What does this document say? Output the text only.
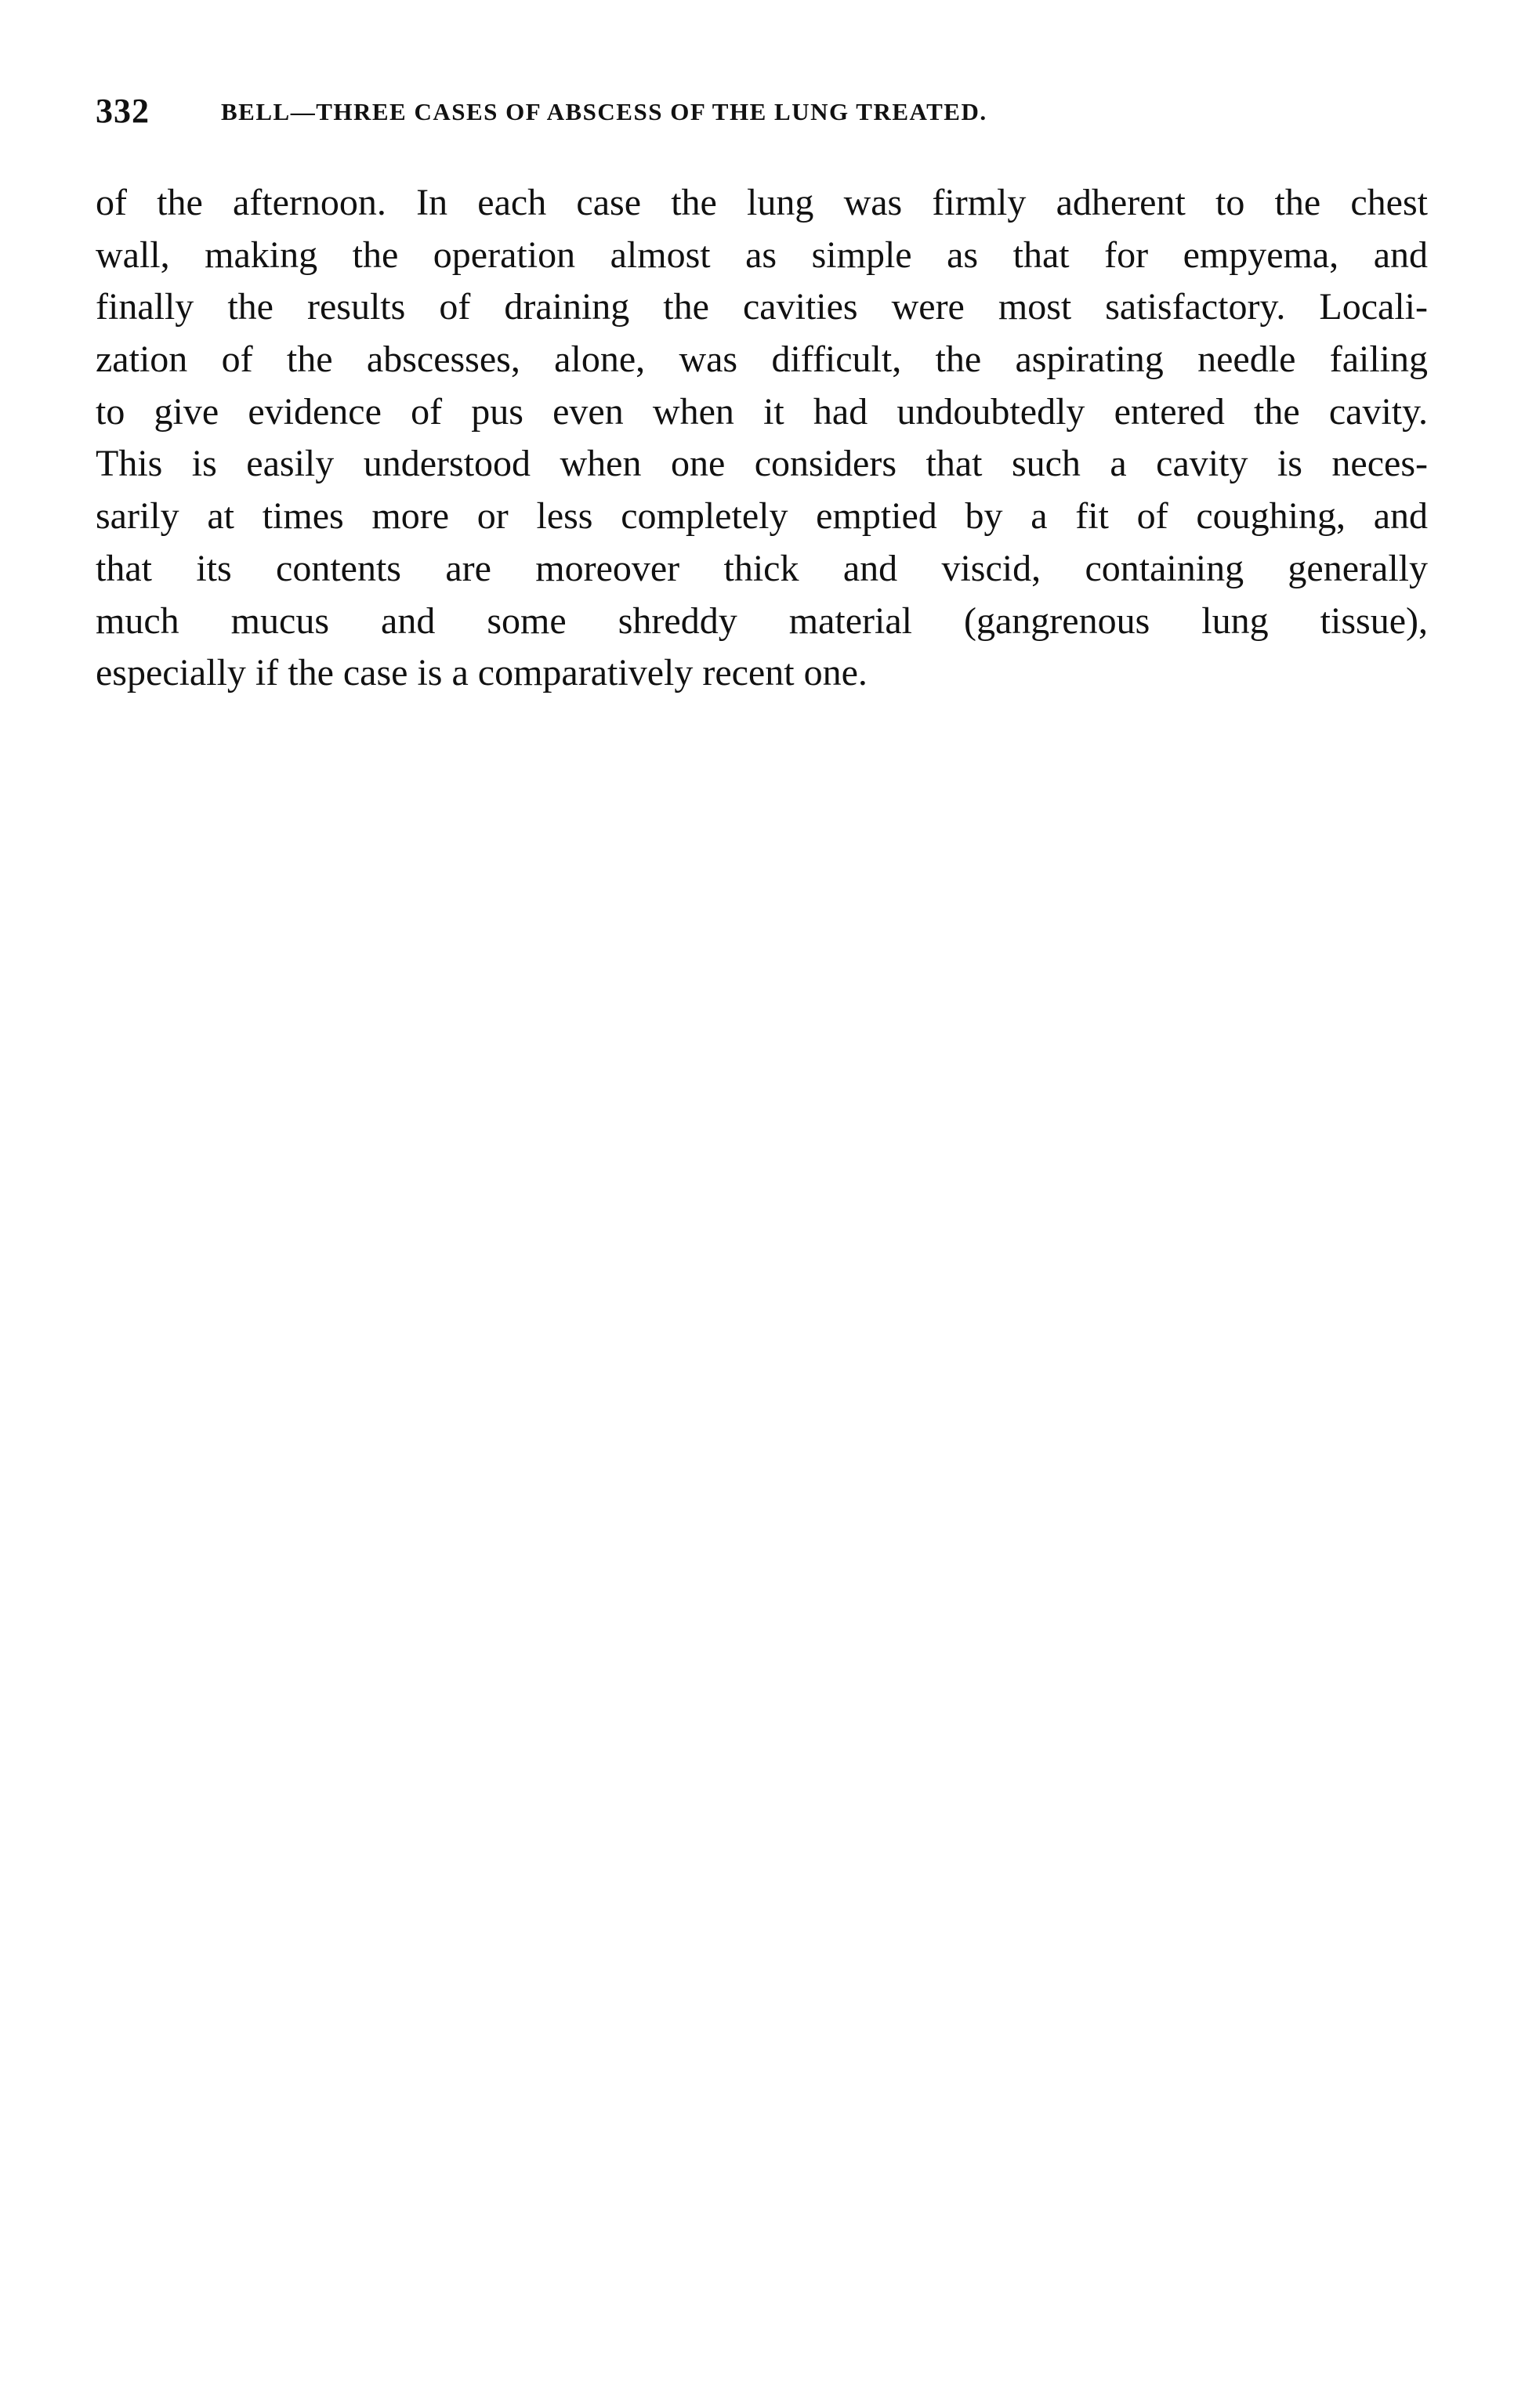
332	BELL—THREE CASES OF ABSCESS OF THE LUNG TREATED.
of the afternoon. In each case the lung was firmly adherent to the chest
wall, making the operation almost as simple as that for empyema, and
finally the results of draining the cavities were most satisfactory. Locali-
zation of the abscesses, alone, was difficult, the aspirating needle failing
to give evidence of pus even when it had undoubtedly entered the cavity.
This is easily understood when one considers that such a cavity is neces-
sarily at times more or less completely emptied by a fit of coughing, and
that its contents are moreover thick and viscid, containing generally
much mucus and some shreddy material (gangrenous lung tissue),
especially if the case is a comparatively recent one.
